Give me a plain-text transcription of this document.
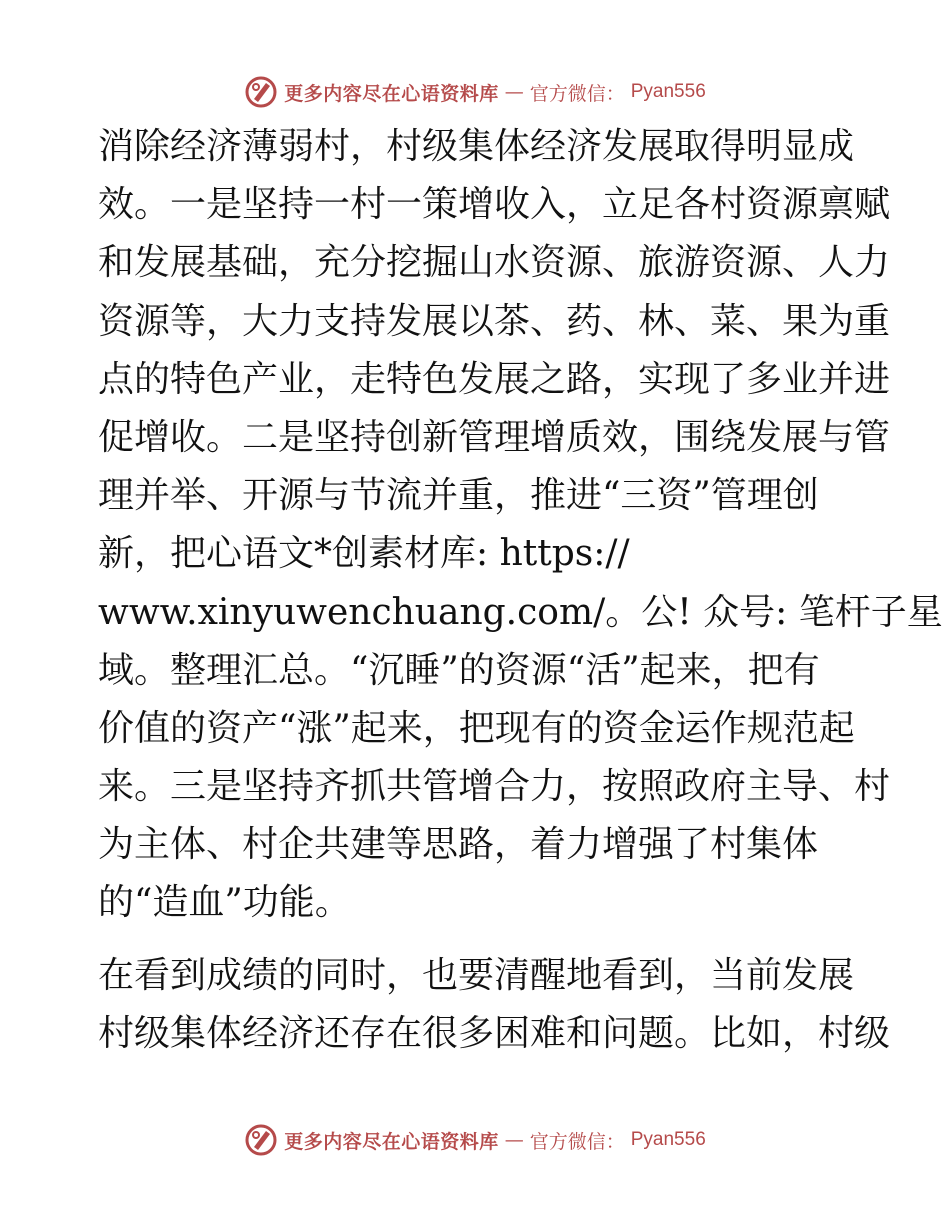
更多内容尽在心语资料库 — 官方微信： Pyan556
消除经济薄弱村，村级集体经济发展取得明显成
效。一是坚持一村一策增收入，立足各村资源禀赋
和发展基础，充分挖掘山水资源、旅游资源、人力
资源等，大力支持发展以茶、药、林、菜、果为重
点的特色产业，走特色发展之路，实现了多业并进
促增收。二是坚持创新管理增质效，围绕发展与管
理并举、开源与节流并重，推进“三资”管理创
新，把心语文*创素材库: https://
www.xinyuwenchuang.com/。公! 众号: 笔杆子星
域。整理汇总。“沉睡”的资源“活”起来，把有
价值的资产“涨”起来，把现有的资金运作规范起
来。三是坚持齐抓共管增合力，按照政府主导、村
为主体、村企共建等思路，着力增强了村集体
的“造血”功能。
在看到成绩的同时，也要清醒地看到，当前发展
村级集体经济还存在很多困难和问题。比如，村级
更多内容尽在心语资料库 — 官方微信： Pyan556
